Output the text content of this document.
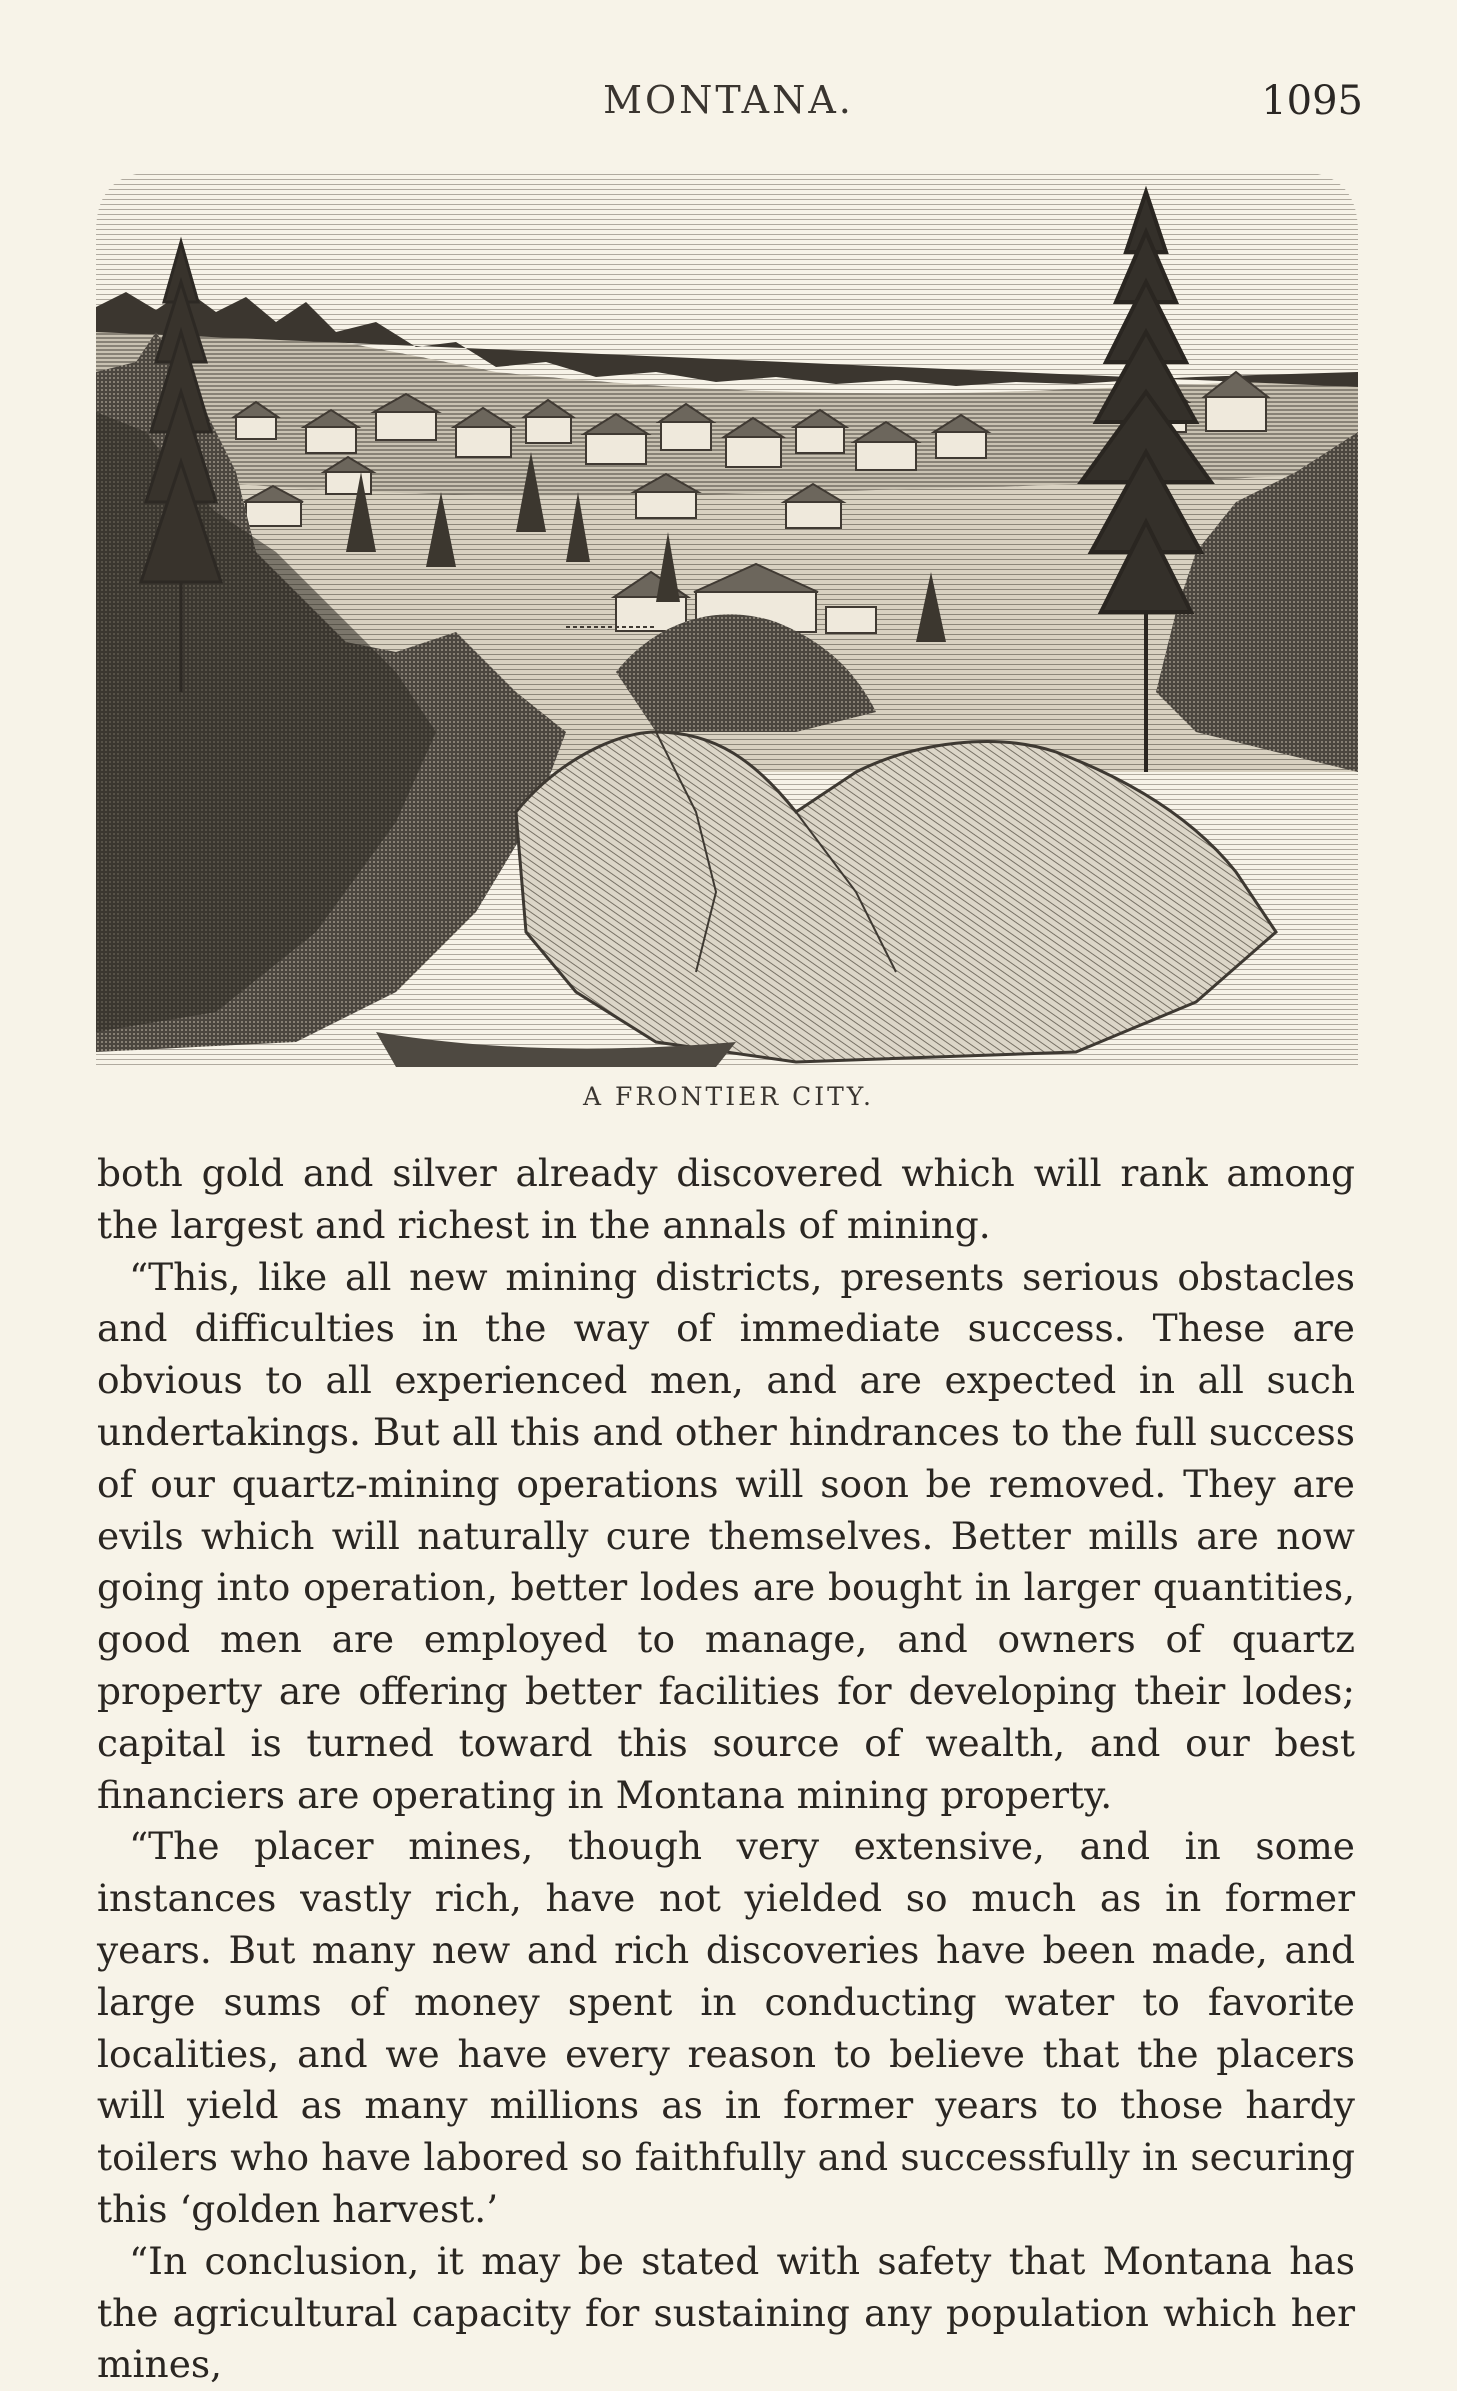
MONTANA.	1095
A FRONTIER CITY.

both gold and silver already discovered which will rank among the largest and richest in the annals of mining.

“This, like all new mining districts, presents serious obstacles and difficulties in the way of immediate success. These are obvious to all experienced men, and are expected in all such undertakings. But all this and other hindrances to the full success of our quartz-mining operations will soon be removed. They are evils which will naturally cure themselves. Better mills are now going into operation, better lodes are bought in larger quantities, good men are employed to manage, and owners of quartz property are offering better facilities for developing their lodes; capital is turned toward this source of wealth, and our best financiers are operating in Montana mining property.

“The placer mines, though very extensive, and in some instances vastly rich, have not yielded so much as in former years. But many new and rich discoveries have been made, and large sums of money spent in conducting water to favorite localities, and we have every reason to believe that the placers will yield as many millions as in former years to those hardy toilers who have labored so faithfully and successfully in securing this ‘golden harvest.’

“In conclusion, it may be stated with safety that Montana has the agricultural capacity for sustaining any population which her mines,
